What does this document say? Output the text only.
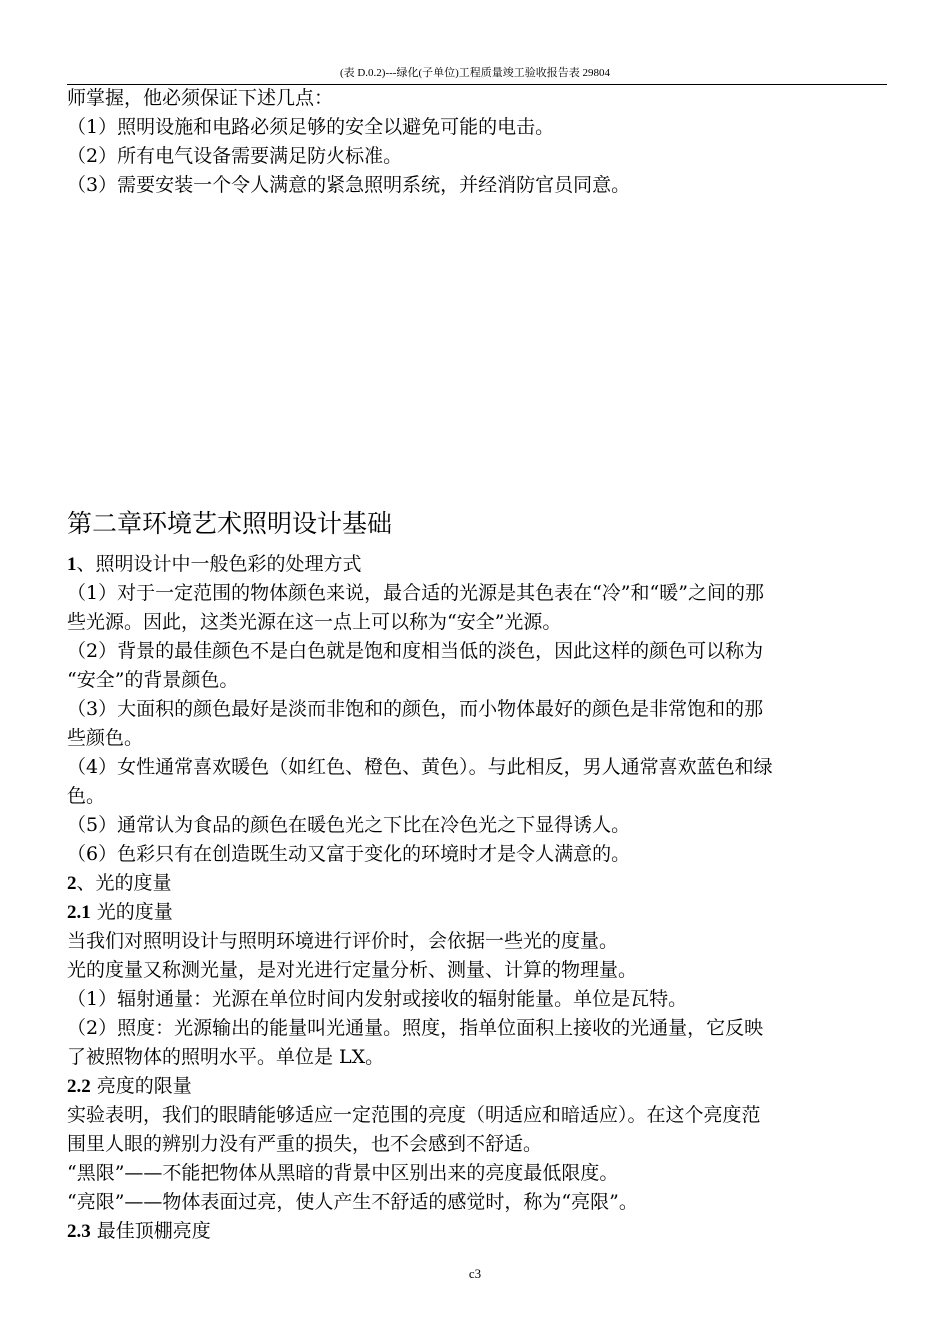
(表 D.0.2)---绿化(子单位)工程质量竣工验收报告表 29804
师掌握，他必须保证下述几点：
（1）照明设施和电路必须足够的安全以避免可能的电击。
（2）所有电气设备需要满足防火标准。
（3）需要安装一个令人满意的紧急照明系统，并经消防官员同意。
第二章环境艺术照明设计基础
1、照明设计中一般色彩的处理方式
（1）对于一定范围的物体颜色来说，最合适的光源是其色表在“冷”和“暖”之间的那
些光源。因此，这类光源在这一点上可以称为“安全”光源。
（2）背景的最佳颜色不是白色就是饱和度相当低的淡色，因此这样的颜色可以称为
“安全”的背景颜色。
（3）大面积的颜色最好是淡而非饱和的颜色，而小物体最好的颜色是非常饱和的那
些颜色。
（4）女性通常喜欢暖色（如红色、橙色、黄色）。与此相反，男人通常喜欢蓝色和绿
色。
（5）通常认为食品的颜色在暖色光之下比在冷色光之下显得诱人。
（6）色彩只有在创造既生动又富于变化的环境时才是令人满意的。
2、光的度量
2.1 光的度量
当我们对照明设计与照明环境进行评价时，会依据一些光的度量。
光的度量又称测光量，是对光进行定量分析、测量、计算的物理量。
（1）辐射通量：光源在单位时间内发射或接收的辐射能量。单位是瓦特。
（2）照度：光源输出的能量叫光通量。照度，指单位面积上接收的光通量，它反映
了被照物体的照明水平。单位是 LX。
2.2 亮度的限量
实验表明，我们的眼睛能够适应一定范围的亮度（明适应和暗适应）。在这个亮度范
围里人眼的辨别力没有严重的损失，也不会感到不舒适。
“黑限”——不能把物体从黑暗的背景中区别出来的亮度最低限度。
“亮限”——物体表面过亮，使人产生不舒适的感觉时，称为“亮限”。
2.3 最佳顶棚亮度
c3
